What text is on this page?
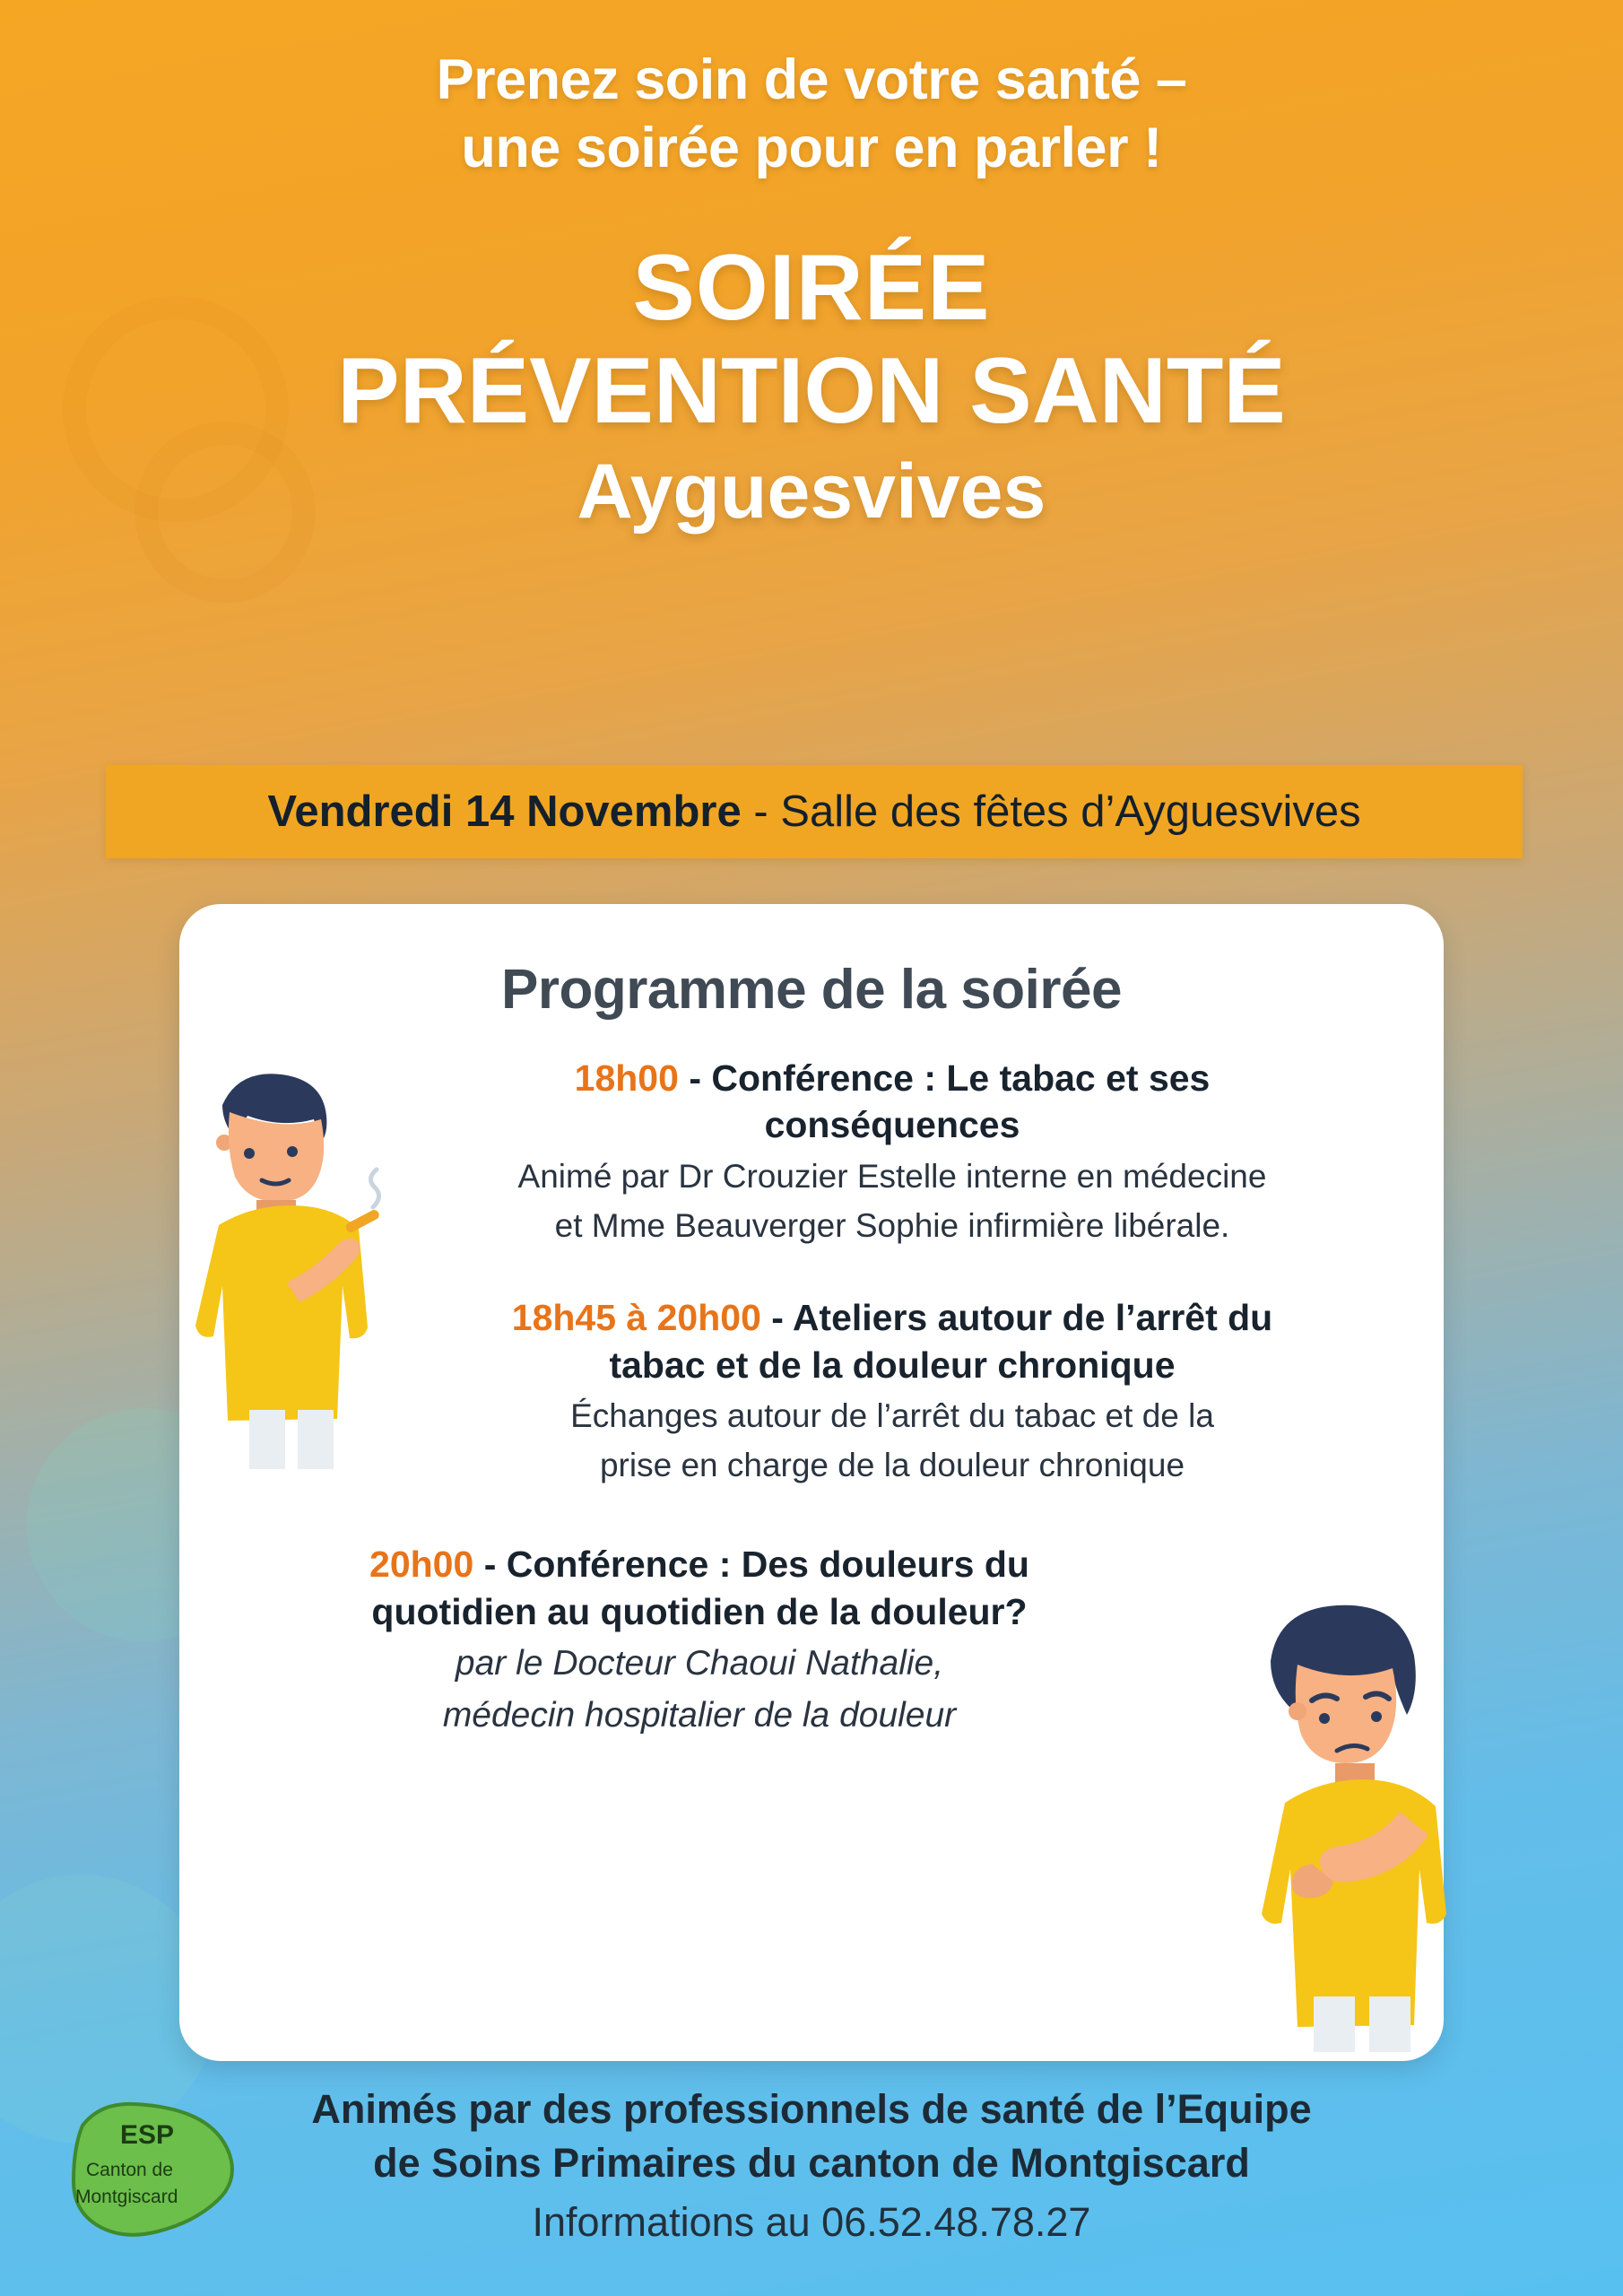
Prenez soin de votre santé –
une soirée pour en parler !
SOIRÉE
PRÉVENTION SANTÉ
Ayguesvives
Vendredi 14 Novembre - Salle des fêtes d’Ayguesvives
Programme de la soirée
18h00 - Conférence : Le tabac et ses conséquences
Animé par Dr Crouzier Estelle interne en médecine
et Mme Beauverger Sophie infirmière libérale.
18h45 à 20h00 - Ateliers autour de l’arrêt du tabac et de la douleur chronique
Échanges autour de l’arrêt du tabac et de la
prise en charge de la douleur chronique
20h00 - Conférence : Des douleurs du quotidien au quotidien de la douleur?
par le Docteur Chaoui Nathalie,
médecin hospitalier de la douleur
Animés par des professionnels de santé de l’Equipe
de Soins Primaires du canton de Montgiscard
Informations au 06.52.48.78.27
ESP
Canton de
Montgiscard
